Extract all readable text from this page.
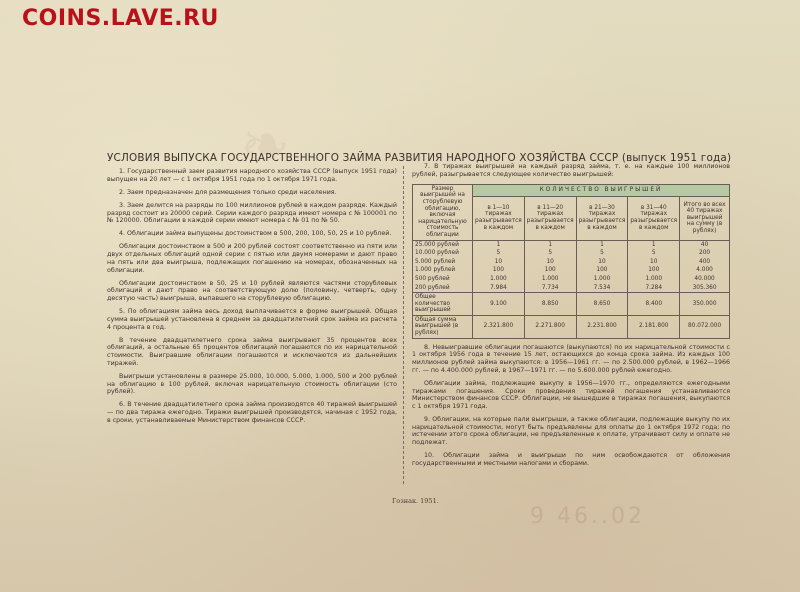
❧
COINS.LAVE.RU
УСЛОВИЯ ВЫПУСКА ГОСУДАРСТВЕННОГО ЗАЙМА РАЗВИТИЯ НАРОДНОГО ХОЗЯЙСТВА СССР (выпуск 1951 года)

1. Государственный заем развития народного хозяйства СССР (выпуск 1951 года) выпущен на 20 лет — с 1 октября 1951 года по 1 октября 1971 года.

2. Заем предназначен для размещения только среди населения.

3. Заем делится на разряды по 100 миллионов рублей в каждом разряде. Каждый разряд состоит из 20000 серий. Серии каждого разряда имеют номера с № 100001 по № 120000. Облигации в каждой серии имеют номера с № 01 по № 50.

4. Облигации займа выпущены достоинством в 500, 200, 100, 50, 25 и 10 рублей.

Облигации достоинством в 500 и 200 рублей состоят соответственно из пяти или двух отдельных облигаций одной серии с пятью или двумя номерами и дают право на пять или два выигрыша, подлежащих погашению на номерах, обозначенных на облигации.

Облигации достоинством в 50, 25 и 10 рублей являются частями сторублевых облигаций и дают право на соответствующую долю (половину, четверть, одну десятую часть) выигрыша, выпавшего на сторублевую облигацию.

5. По облигациям займа весь доход выплачивается в форме выигрышей. Общая сумма выигрышей установлена в среднем за двадцатилетний срок займа из расчета 4 процента в год.

В течение двадцатилетнего срока займа выигрывают 35 процентов всех облигаций, а остальные 65 процентов облигаций погашаются по их нарицательной стоимости. Выигравшие облигации погашаются и исключаются из дальнейших тиражей.

Выигрыши установлены в размере 25.000, 10.000, 5.000, 1.000, 500 и 200 рублей на облигацию в 100 рублей, включая нарицательную стоимость облигации (сто рублей).

6. В течение двадцатилетнего срока займа производятся 40 тиражей выигрышей — по два тиража ежегодно. Тиражи выигрышей производятся, начиная с 1952 года, в сроки, устанавливаемые Министерством финансов СССР.

7. В тиражах выигрышей на каждый разряд займа, т. е. на каждые 100 миллионов рублей, разыгрывается следующее количество выигрышей:

Размер выигрышей на сторублевую облигацию, включая нарицательную стоимость облигации	КОЛИЧЕСТВО ВЫИГРЫШЕЙ				
	в 1—10 тиражах разыгрывается в каждом	в 11—20 тиражах разыгрывается в каждом	в 21—30 тиражах разыгрывается в каждом	в 31—40 тиражах разыгрывается в каждом	Итого во всех 40 тиражах выигрышей на сумму (в рублях)
25.000 рублей	1	1	1	1	40
10.000 рублей	5	5	5	5	200
5.000 рублей	10	10	10	10	400
1.000 рублей	100	100	100	100	4.000
500 рублей	1.000	1.000	1.000	1.000	40.000
200 рублей	7.984	7.734	7.534	7.284	305.360
Общее количество выигрышей	9.100	8.850	8.650	8.400	350.000
Общая сумма выигрышей (в рублях)	2.321.800	2.271.800	2.231.800	2.181.800	80.072.000

8. Невыигравшие облигации погашаются (выкупаются) по их нарицательной стоимости с 1 октября 1956 года в течение 15 лет, остающихся до конца срока займа. Из каждых 100 миллионов рублей займа выкупаются: в 1956—1961 гг. — по 2.500.000 рублей, в 1962—1966 гг. — по 4.400.000 рублей, в 1967—1971 гг. — по 5.600.000 рублей ежегодно.

Облигации займа, подлежащие выкупу в 1956—1970 гг., определяются ежегодными тиражами погашения. Сроки проведения тиражей погашения устанавливаются Министерством финансов СССР. Облигации, не вышедшие в тиражах погашения, выкупаются с 1 октября 1971 года.

9. Облигации, на которые пали выигрыши, а также облигации, подлежащие выкупу по их нарицательной стоимости, могут быть предъявлены для оплаты до 1 октября 1972 года; по истечении этого срока облигации, не предъявленные к оплате, утрачивают силу и оплате не подлежат.

10. Облигации займа и выигрыши по ним освобождаются от обложения государственными и местными налогами и сборами.

Гознак. 1951.
9 46..02
